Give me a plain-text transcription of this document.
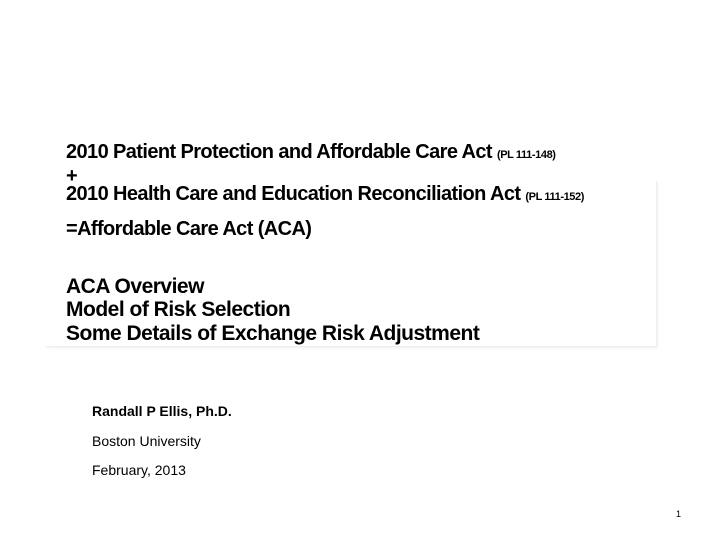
2010 Patient Protection and Affordable Care Act (PL 111-148)
+
2010 Health Care and Education Reconciliation Act (PL 111-152)
=Affordable Care Act (ACA)
ACA Overview
Model of Risk Selection
Some Details of Exchange Risk Adjustment
Randall P Ellis, Ph.D.
Boston University
February, 2013
1
